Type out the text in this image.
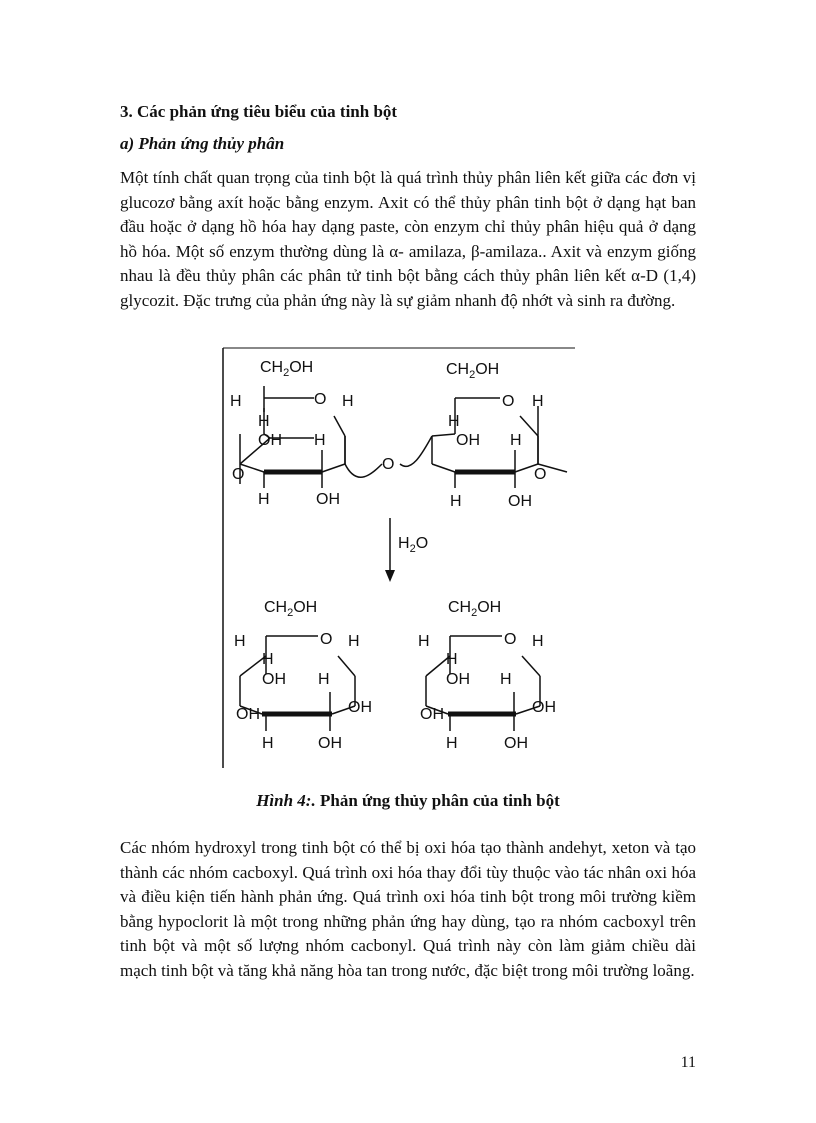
3. Các phản ứng tiêu biểu của tinh bột
a) Phản ứng thủy phân

Một tính chất quan trọng của tinh bột là quá trình thủy phân liên kết giữa các đơn vị glucozơ bằng axít hoặc bằng enzym. Axit có thể thủy phân tinh bột ở dạng hạt ban đầu hoặc ở dạng hồ hóa hay dạng paste, còn enzym chỉ thủy phân hiệu quả ở dạng hồ hóa. Một số enzym thường dùng là α- amilaza, β-amilaza.. Axit và enzym giống nhau là đều thủy phân các phân tử tinh bột bằng cách thủy phân liên kết α-D (1,4) glycozit. Đặc trưng của phản ứng này là sự giảm nhanh độ nhớt và sinh ra đường.

$CH_2OH$
H	O H
H
OH H
O
H	OH
O
$CH_2OH$
O H
H
OH H
O
H	OH
$H_2O$
$CH_2OH$
H	O H
H
OH H
OH	OH
H	OH
$CH_2OH$
H	O H
H
OH H
OH	OH
H	OH

Hình 4:. Phản ứng thủy phân của tinh bột

Các nhóm hydroxyl trong tinh bột có thể bị oxi hóa tạo thành andehyt, xeton và tạo thành các nhóm cacboxyl. Quá trình oxi hóa thay đổi tùy thuộc vào tác nhân oxi hóa và điều kiện tiến hành phản ứng. Quá trình oxi hóa tinh bột trong môi trường kiềm bằng hypoclorit là một trong những phản ứng hay dùng, tạo ra nhóm cacboxyl trên tinh bột và một số lượng nhóm cacbonyl. Quá trình này còn làm giảm chiều dài mạch tinh bột và tăng khả năng hòa tan trong nước, đặc biệt trong môi trường loãng.

11
